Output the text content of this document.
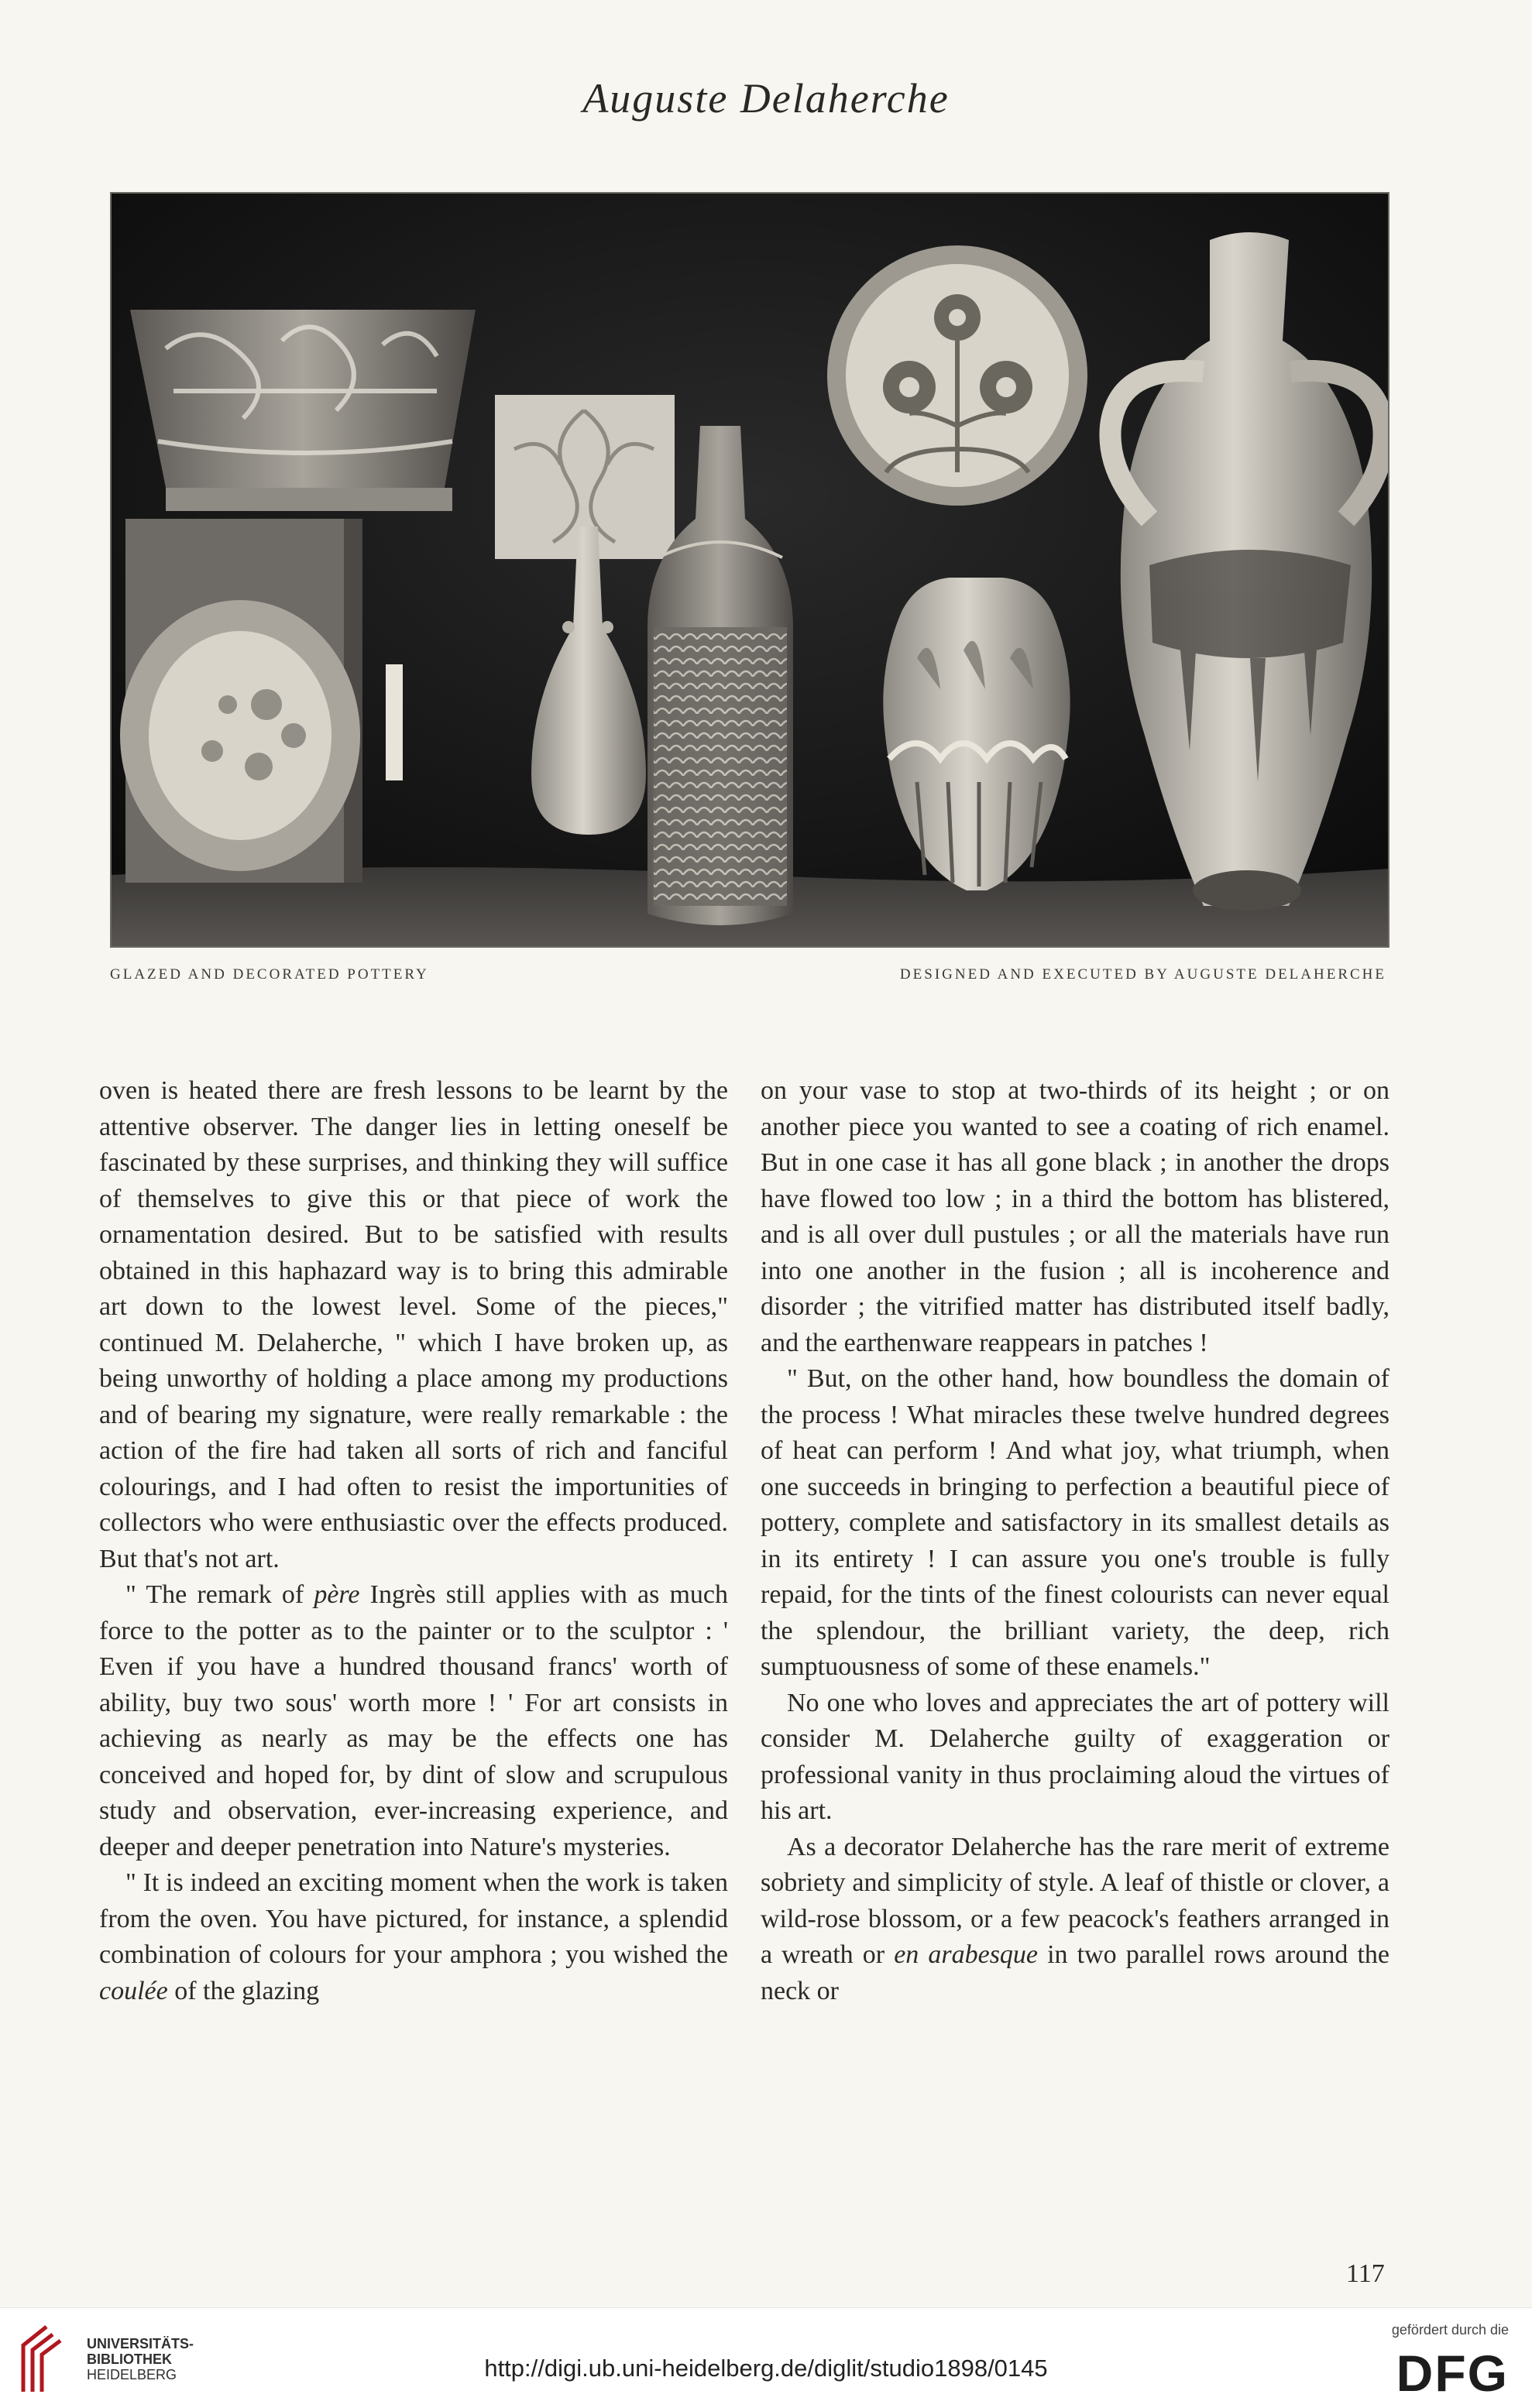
Auguste Delaherche
GLAZED AND DECORATED POTTERY	DESIGNED AND EXECUTED BY AUGUSTE DELAHERCHE

oven is heated there are fresh lessons to be learnt by the attentive observer. The danger lies in letting oneself be fascinated by these surprises, and thinking they will suffice of themselves to give this or that piece of work the ornamentation desired. But to be satisfied with results obtained in this haphazard way is to bring this admirable art down to the lowest level. Some of the pieces," continued M. Delaherche, " which I have broken up, as being unworthy of holding a place among my productions and of bearing my signature, were really remarkable : the action of the fire had taken all sorts of rich and fanciful colourings, and I had often to resist the importunities of collectors who were enthusiastic over the effects produced. But that's not art.

" The remark of père Ingrès still applies with as much force to the potter as to the painter or to the sculptor : ' Even if you have a hundred thousand francs' worth of ability, buy two sous' worth more ! ' For art consists in achieving as nearly as may be the effects one has conceived and hoped for, by dint of slow and scrupulous study and observation, ever-increasing experience, and deeper and deeper penetration into Nature's mysteries.

" It is indeed an exciting moment when the work is taken from the oven. You have pictured, for instance, a splendid combination of colours for your amphora ; you wished the coulée of the glazing

on your vase to stop at two-thirds of its height ; or on another piece you wanted to see a coating of rich enamel. But in one case it has all gone black ; in another the drops have flowed too low ; in a third the bottom has blistered, and is all over dull pustules ; or all the materials have run into one another in the fusion ; all is incoherence and disorder ; the vitrified matter has distributed itself badly, and the earthenware reappears in patches !

" But, on the other hand, how boundless the domain of the process ! What miracles these twelve hundred degrees of heat can perform ! And what joy, what triumph, when one succeeds in bringing to perfection a beautiful piece of pottery, complete and satisfactory in its smallest details as in its entirety ! I can assure you one's trouble is fully repaid, for the tints of the finest colourists can never equal the splendour, the brilliant variety, the deep, rich sumptuousness of some of these enamels."

No one who loves and appreciates the art of pottery will consider M. Delaherche guilty of exaggeration or professional vanity in thus proclaiming aloud the virtues of his art.

As a decorator Delaherche has the rare merit of extreme sobriety and simplicity of style. A leaf of thistle or clover, a wild-rose blossom, or a few peacock's feathers arranged in a wreath or en arabesque in two parallel rows around the neck or

117
UNIVERSITÄTS-
BIBLIOTHEK
HEIDELBERG	http://digi.ub.uni-heidelberg.de/diglit/studio1898/0145
gefördert durch die
DFG
